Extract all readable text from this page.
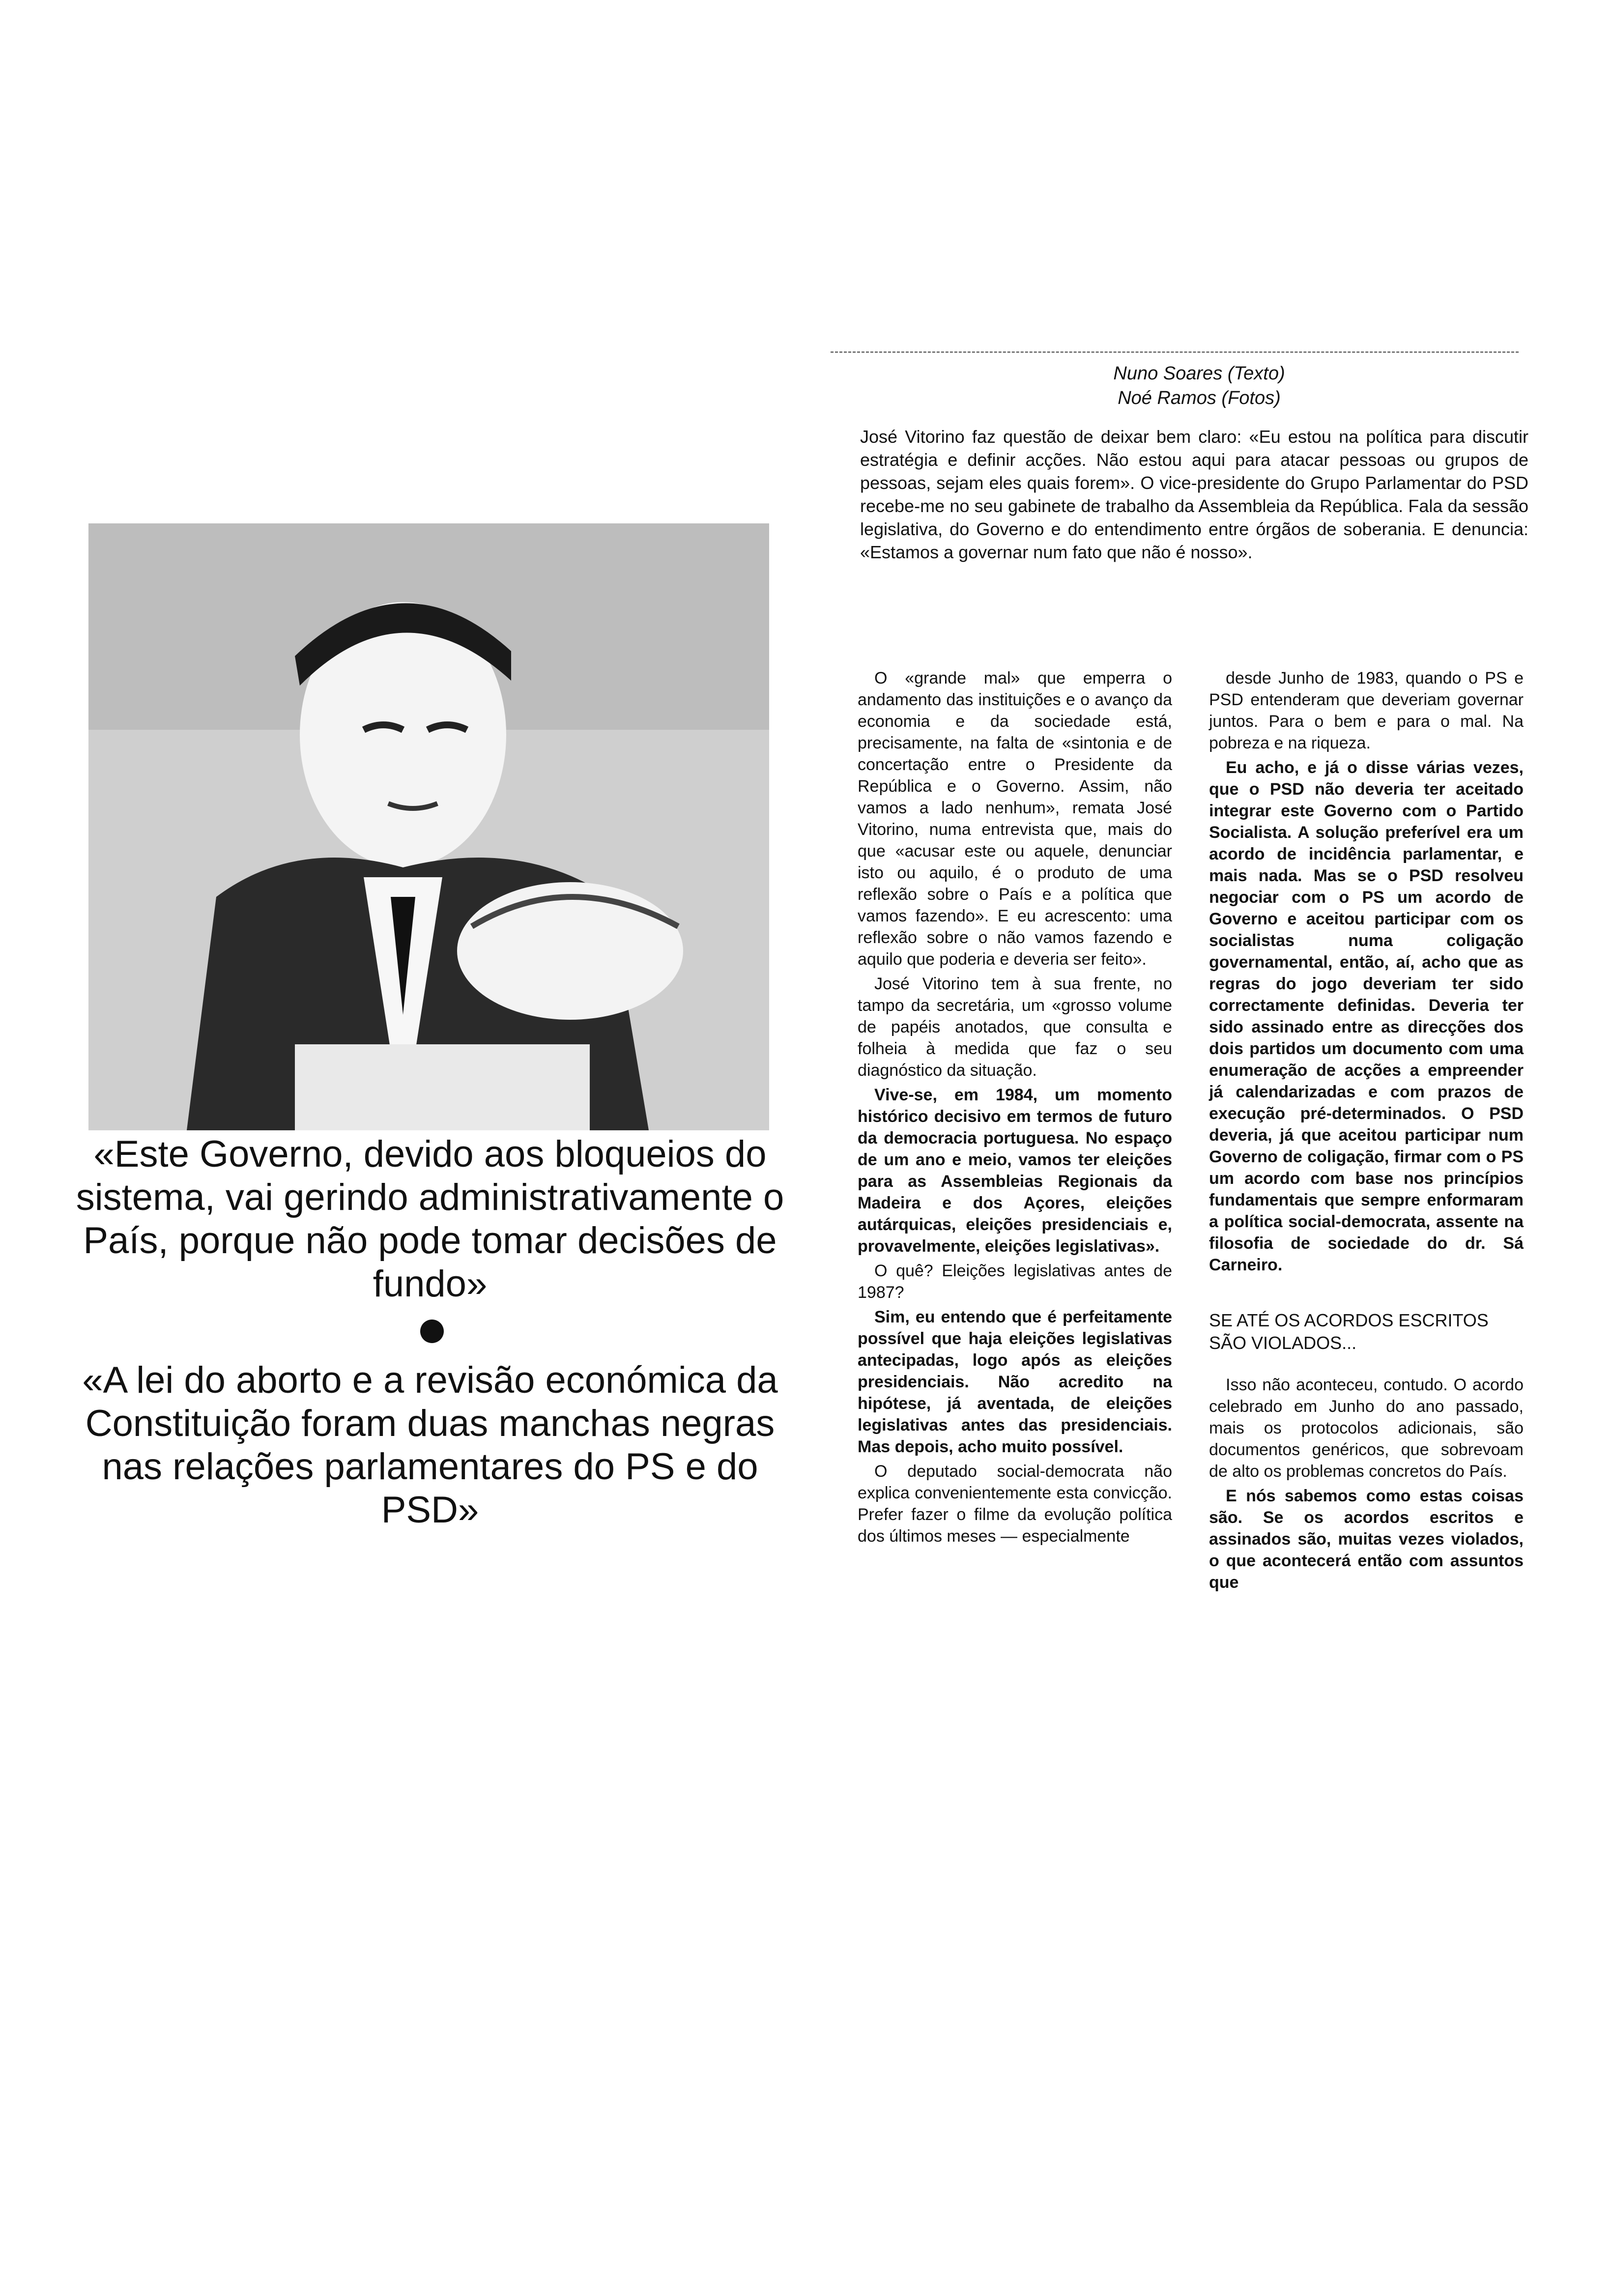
Nuno Soares (Texto)
Noé Ramos (Fotos)

«Este Governo, devido aos bloqueios do sistema, vai gerindo administrativamente o País, porque não pode tomar decisões de fundo»

«A lei do aborto e a revisão económica da Constituição foram duas manchas negras nas relações parlamentares do PS e do PSD»

José Vitorino faz questão de deixar bem claro: «Eu estou na política para discutir estratégia e definir acções. Não estou aqui para atacar pessoas ou grupos de pessoas, sejam eles quais forem». O vice-presidente do Grupo Parlamentar do PSD recebe-me no seu gabinete de trabalho da Assembleia da República. Fala da sessão legislativa, do Governo e do entendimento entre órgãos de soberania. E denuncia: «Estamos a governar num fato que não é nosso».

O «grande mal» que emperra o andamento das instituições e o avanço da economia e da sociedade está, precisamente, na falta de «sintonia e de concertação entre o Presidente da República e o Governo. Assim, não vamos a lado nenhum», remata José Vitorino, numa entrevista que, mais do que «acusar este ou aquele, denunciar isto ou aquilo, é o produto de uma reflexão sobre o País e a política que vamos fazendo». E eu acrescento: uma reflexão sobre o não vamos fazendo e aquilo que poderia e deveria ser feito».

José Vitorino tem à sua frente, no tampo da secretária, um «grosso volume de papéis anotados, que consulta e folheia à medida que faz o seu diagnóstico da situação.

Vive-se, em 1984, um momento histórico decisivo em termos de futuro da democracia portuguesa. No espaço de um ano e meio, vamos ter eleições para as Assembleias Regionais da Madeira e dos Açores, eleições autárquicas, eleições presidenciais e, provavelmente, eleições legislativas».

O quê? Eleições legislativas antes de 1987?

Sim, eu entendo que é perfeitamente possível que haja eleições legislativas antecipadas, logo após as eleições presidenciais. Não acredito na hipótese, já aventada, de eleições legislativas antes das presidenciais. Mas depois, acho muito possível.

O deputado social-democrata não explica convenientemente esta convicção. Prefer fazer o filme da evolução política dos últimos meses — especialmente

desde Junho de 1983, quando o PS e PSD entenderam que deveriam governar juntos. Para o bem e para o mal. Na pobreza e na riqueza.

Eu acho, e já o disse várias vezes, que o PSD não deveria ter aceitado integrar este Governo com o Partido Socialista. A solução preferível era um acordo de incidência parlamentar, e mais nada. Mas se o PSD resolveu negociar com o PS um acordo de Governo e aceitou participar com os socialistas numa coligação governamental, então, aí, acho que as regras do jogo deveriam ter sido correctamente definidas. Deveria ter sido assinado entre as direcções dos dois partidos um documento com uma enumeração de acções a empreender já calendarizadas e com prazos de execução pré-determinados. O PSD deveria, já que aceitou participar num Governo de coligação, firmar com o PS um acordo com base nos princípios fundamentais que sempre enformaram a política social-democrata, assente na filosofia de sociedade do dr. Sá Carneiro.

SE ATÉ OS ACORDOS ESCRITOS SÃO VIOLADOS...

Isso não aconteceu, contudo. O acordo celebrado em Junho do ano passado, mais os protocolos adicionais, são documentos genéricos, que sobrevoam de alto os problemas concretos do País.

E nós sabemos como estas coisas são. Se os acordos escritos e assinados são, muitas vezes violados, o que acontecerá então com assuntos que
